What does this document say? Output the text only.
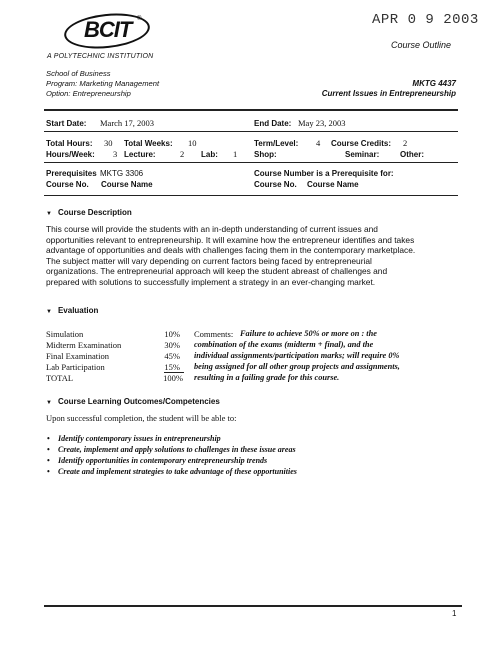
APR 0 9 2003
Course Outline
BCIT ®
A POLYTECHNIC INSTITUTION
School of Business
Program: Marketing Management
Option: Entrepreneurship
MKTG 4437
Current Issues in Entrepreneurship
Start Date: March 17, 2003	End Date: May 23, 2003
Total Hours: 30 Total Weeks: 10	Term/Level: 4 Course Credits: 2
Hours/Week: 3 Lecture:	2 Lab: 1 Shop:	Seminar:	Other:
Prerequisites MKTG 3306	Course Number is a Prerequisite for:
Course No. Course Name	Course No. Course Name
▼ Course Description
This course will provide the students with an in-depth understanding of current issues and
opportunities relevant to entrepreneurship. It will examine how the entrepreneur identifies and takes
advantage of opportunities and deals with challenges facing them in the contemporary marketplace.
The subject matter will vary depending on current factors being faced by entrepreneurial
organizations. The entrepreneurial approach will keep the student abreast of challenges and
prepared with solutions to successfully implement a strategy in an ever-changing market.
▼ Evaluation
Simulation	10%
Midterm Examination	30%
Final Examination	45%
Lab Participation	15%
TOTAL	100%
Comments: Failure to achieve 50% or more on : the
combination of the exams (midterm + final), and the
individual assignments/participation marks; will require 0%
being assigned for all other group projects and assignments,
resulting in a failing grade for this course.
▼ Course Learning Outcomes/Competencies
Upon successful completion, the student will be able to:
• Identify contemporary issues in entrepreneurship
• Create, implement and apply solutions to challenges in these issue areas
• Identify opportunities in contemporary entrepreneurship trends
• Create and implement strategies to take advantage of these opportunities
1
